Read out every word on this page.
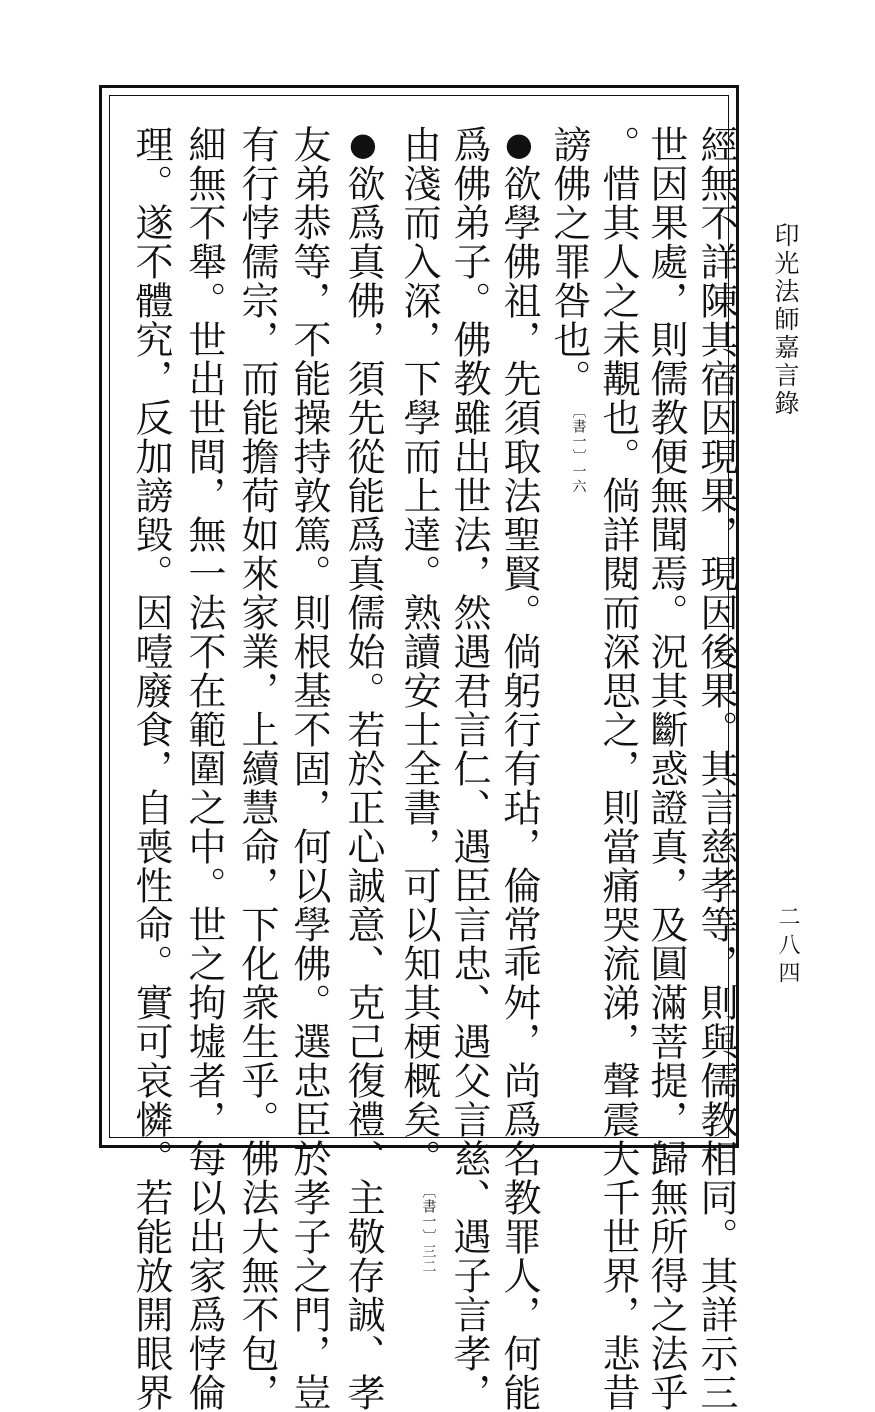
印光法師嘉言錄
二八四
經無不詳陳其宿因現果，現因後果。其言慈孝等，則與儒教相同。其詳示三
世因果處，則儒教便無聞焉。況其斷惑證真，及圓滿菩提，歸無所得之法乎
。惜其人之未覯也。倘詳閱而深思之，則當痛哭流涕，聲震大千世界，悲昔
謗佛之罪咎也。〔書一〕一六
●欲學佛祖，先須取法聖賢。倘躬行有玷，倫常乖舛，尚爲名教罪人，何能
爲佛弟子。佛教雖出世法，然遇君言仁、遇臣言忠、遇父言慈、遇子言孝，
由淺而入深，下學而上達。熟讀安士全書，可以知其梗概矣。〔書一〕三二
●欲爲真佛，須先從能爲真儒始。若於正心誠意、克己復禮、主敬存誠、孝
友弟恭等，不能操持敦篤。則根基不固，何以學佛。選忠臣於孝子之門，豈
有行悖儒宗，而能擔荷如來家業，上續慧命，下化衆生乎。佛法大無不包，
細無不舉。世出世間，無一法不在範圍之中。世之拘墟者，每以出家爲悖倫
理。遂不體究，反加謗毀。因噎廢食，自喪性命。實可哀憐。若能放開眼界
